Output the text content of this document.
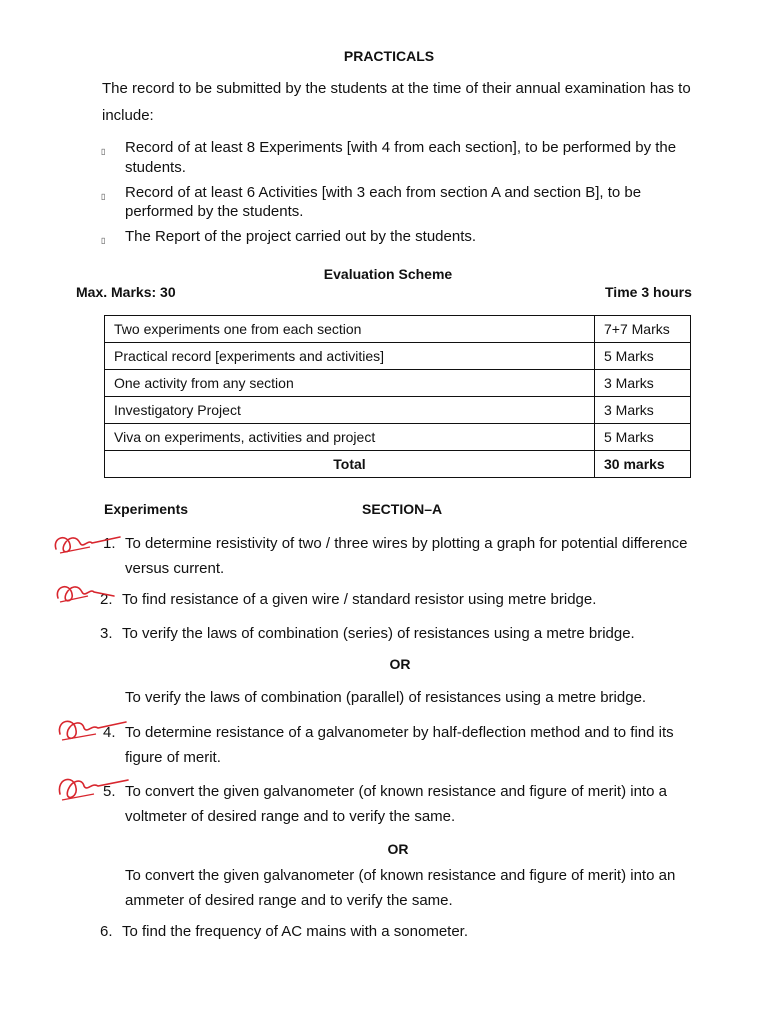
PRACTICALS
The record to be submitted by the students at the time of their annual examination has to
include:
▯ Record of at least 8 Experiments [with 4 from each section], to be performed by the
students.
▯ Record of at least 6 Activities [with 3 each from section A and section B], to be
performed by the students.
▯ The Report of the project carried out by the students.
Evaluation Scheme
Max. Marks: 30	Time 3 hours
Two experiments one from each section	7+7 Marks
Practical record [experiments and activities]	5 Marks
One activity from any section	3 Marks
Investigatory Project	3 Marks
Viva on experiments, activities and project	5 Marks
Total	30 marks
Experiments	SECTION–A
1. To determine resistivity of two / three wires by plotting a graph for potential difference
versus current.
2. To find resistance of a given wire / standard resistor using metre bridge.
3. To verify the laws of combination (series) of resistances using a metre bridge.
OR
To verify the laws of combination (parallel) of resistances using a metre bridge.
4. To determine resistance of a galvanometer by half-deflection method and to find its
figure of merit.
5. To convert the given galvanometer (of known resistance and figure of merit) into a
voltmeter of desired range and to verify the same.
OR
To convert the given galvanometer (of known resistance and figure of merit) into an
ammeter of desired range and to verify the same.
6. To find the frequency of AC mains with a sonometer.
